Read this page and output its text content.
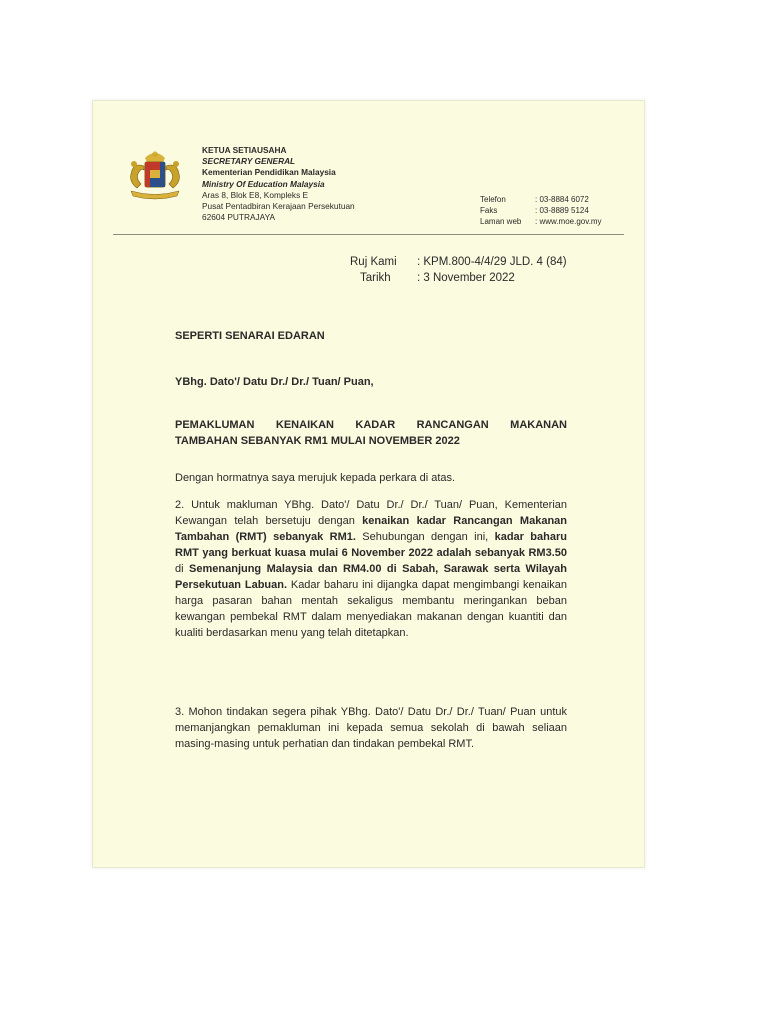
KETUA SETIAUSAHA
SECRETARY GENERAL
Kementerian Pendidikan Malaysia
Ministry Of Education Malaysia
Aras 8, Blok E8, Kompleks E
Pusat Pentadbiran Kerajaan Persekutuan
62604 PUTRAJAYA
Telefon	: 03-8884 6072
Faks	: 03-8889 5124
Laman web	: www.moe.gov.my
Ruj Kami	: KPM.800-4/4/29 JLD. 4 (84)
Tarikh	: 3 November 2022
SEPERTI SENARAI EDARAN
YBhg. Dato'/ Datu Dr./ Dr./ Tuan/ Puan,
PEMAKLUMAN KENAIKAN KADAR RANCANGAN MAKANAN
TAMBAHAN SEBANYAK RM1 MULAI NOVEMBER 2022
Dengan hormatnya saya merujuk kepada perkara di atas.

2. Untuk makluman YBhg. Dato'/ Datu Dr./ Dr./ Tuan/ Puan, Kementerian Kewangan telah bersetuju dengan kenaikan kadar Rancangan Makanan Tambahan (RMT) sebanyak RM1. Sehubungan dengan ini, kadar baharu RMT yang berkuat kuasa mulai 6 November 2022 adalah sebanyak RM3.50 di Semenanjung Malaysia dan RM4.00 di Sabah, Sarawak serta Wilayah Persekutuan Labuan. Kadar baharu ini dijangka dapat mengimbangi kenaikan harga pasaran bahan mentah sekaligus membantu meringankan beban kewangan pembekal RMT dalam menyediakan makanan dengan kuantiti dan kualiti berdasarkan menu yang telah ditetapkan.

3. Mohon tindakan segera pihak YBhg. Dato'/ Datu Dr./ Dr./ Tuan/ Puan untuk memanjangkan pemakluman ini kepada semua sekolah di bawah seliaan masing-masing untuk perhatian dan tindakan pembekal RMT.
